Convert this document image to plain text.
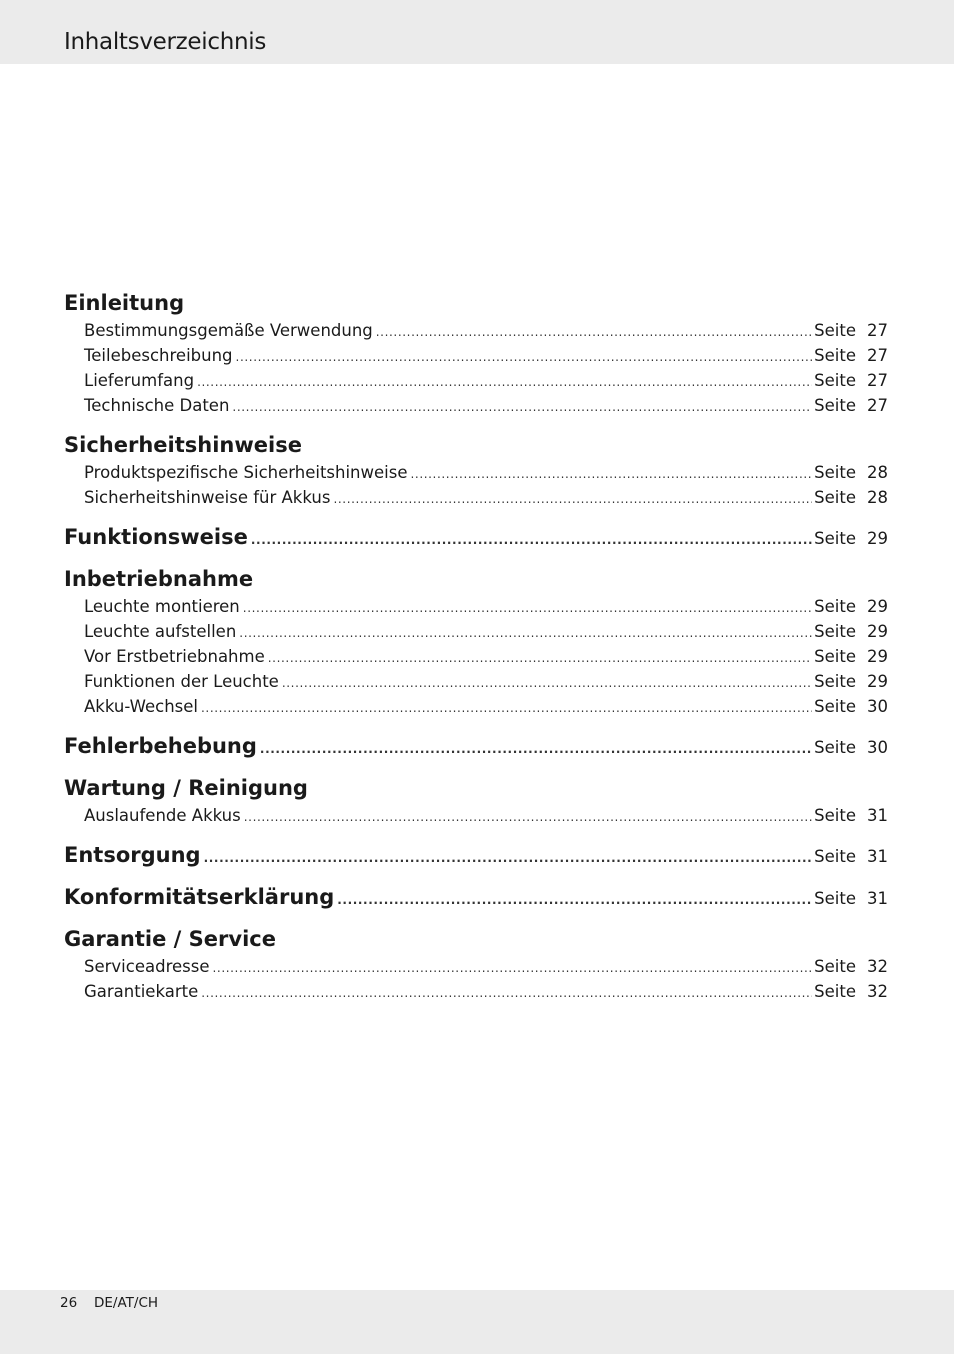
Inhaltsverzeichnis
Einleitung
Bestimmungsgemäße Verwendung .....	Seite 27
Teilebeschreibung .....	Seite 27
Lieferumfang .....	Seite 27
Technische Daten .....	Seite 27
Sicherheitshinweise
Produktspezifische Sicherheitshinweise .....	Seite 28
Sicherheitshinweise für Akkus .....	Seite 28
Funktionsweise .....	Seite 29
Inbetriebnahme
Leuchte montieren .....	Seite 29
Leuchte aufstellen .....	Seite 29
Vor Erstbetriebnahme .....	Seite 29
Funktionen der Leuchte .....	Seite 29
Akku-Wechsel .....	Seite 30
Fehlerbehebung .....	Seite 30
Wartung / Reinigung
Auslaufende Akkus .....	Seite 31
Entsorgung .....	Seite 31
Konformitätserklärung .....	Seite 31
Garantie / Service
Serviceadresse .....	Seite 32
Garantiekarte .....	Seite 32
26 DE/AT/CH
